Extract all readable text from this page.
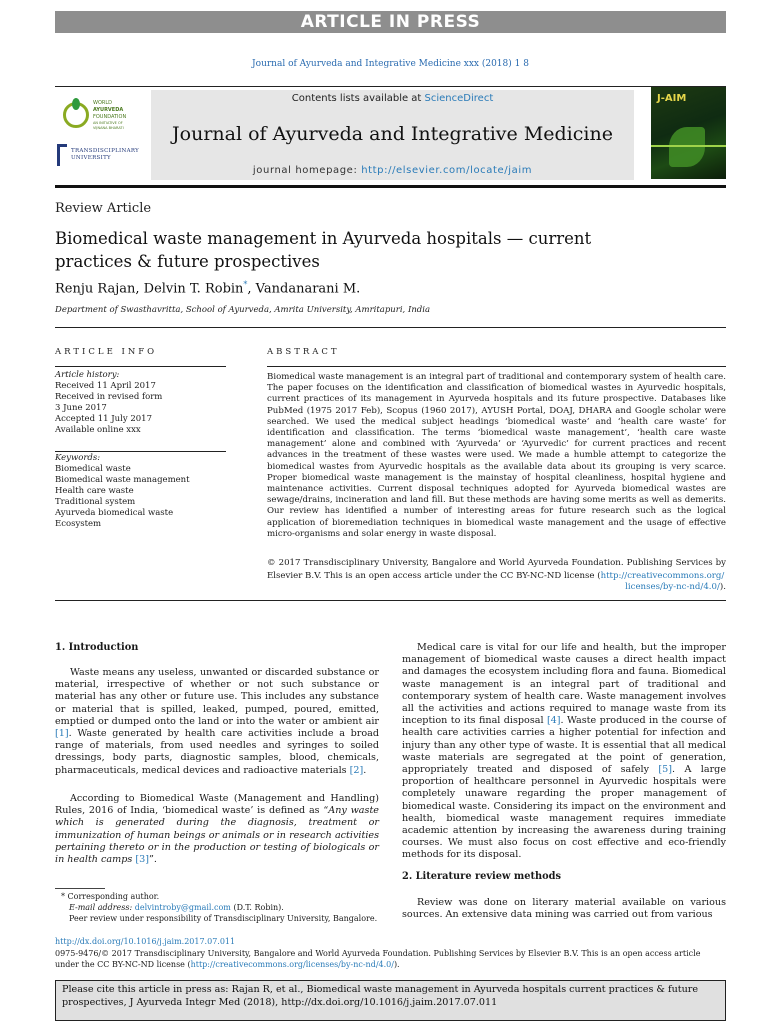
ARTICLE IN PRESS
Journal of Ayurveda and Integrative Medicine xxx (2018) 1 8
WORLD
AYURVEDA
FOUNDATION
AN INITIATIVE OF VIJNANA BHARATI
TRANSDISCIPLINARY
UNIVERSITY
Contents lists available at ScienceDirect
Journal of Ayurveda and Integrative Medicine
journal homepage: http://elsevier.com/locate/jaim
J-AIM
Review Article
Biomedical waste management in Ayurveda hospitals — current
practices & future prospectives
Renju Rajan, Delvin T. Robin*, Vandanarani M.
Department of Swasthavritta, School of Ayurveda, Amrita University, Amritapuri, India
ARTICLE INFO	ABSTRACT
Article history:
Received 11 April 2017
Received in revised form
3 June 2017
Accepted 11 July 2017
Available online xxx
Keywords:
Biomedical waste
Biomedical waste management
Health care waste
Traditional system
Ayurveda biomedical waste
Ecosystem
Biomedical waste management is an integral part of traditional and contemporary system of health care. The paper focuses on the identification and classification of biomedical wastes in Ayurvedic hospitals, current practices of its management in Ayurveda hospitals and its future prospective. Databases like PubMed (1975 2017 Feb), Scopus (1960 2017), AYUSH Portal, DOAJ, DHARA and Google scholar were searched. We used the medical subject headings ‘biomedical waste’ and ‘health care waste’ for identification and classification. The terms ‘biomedical waste management’, ‘health care waste management’ alone and combined with ‘Ayurveda’ or ‘Ayurvedic’ for current practices and recent advances in the treatment of these wastes were used. We made a humble attempt to categorize the biomedical wastes from Ayurvedic hospitals as the available data about its grouping is very scarce. Proper biomedical waste management is the mainstay of hospital cleanliness, hospital hygiene and maintenance activities. Current disposal techniques adopted for Ayurveda biomedical wastes are sewage/drains, incineration and land fill. But these methods are having some merits as well as demerits. Our review has identified a number of interesting areas for future research such as the logical application of bioremediation techniques in biomedical waste management and the usage of effective micro-organisms and solar energy in waste disposal.
© 2017 Transdisciplinary University, Bangalore and World Ayurveda Foundation. Publishing Services by Elsevier B.V. This is an open access article under the CC BY-NC-ND license (http://creativecommons.org/
licenses/by-nc-nd/4.0/).
1. Introduction
Waste means any useless, unwanted or discarded substance or material, irrespective of whether or not such substance or material has any other or future use. This includes any substance or material that is spilled, leaked, pumped, poured, emitted, emptied or dumped onto the land or into the water or ambient air [1]. Waste generated by health care activities include a broad range of materials, from used needles and syringes to soiled dressings, body parts, diagnostic samples, blood, chemicals, pharmaceuticals, medical devices and radioactive materials [2].
According to Biomedical Waste (Management and Handling) Rules, 2016 of India, ‘biomedical waste’ is defined as “Any waste which is generated during the diagnosis, treatment or immunization of human beings or animals or in research activities pertaining thereto or in the production or testing of biologicals or in health camps [3]”.
Medical care is vital for our life and health, but the improper management of biomedical waste causes a direct health impact and damages the ecosystem including flora and fauna. Biomedical waste management is an integral part of traditional and contemporary system of health care. Waste management involves all the activities and actions required to manage waste from its inception to its final disposal [4]. Waste produced in the course of health care activities carries a higher potential for infection and injury than any other type of waste. It is essential that all medical waste materials are segregated at the point of generation, appropriately treated and disposed of safely [5]. A large proportion of healthcare personnel in Ayurvedic hospitals were completely unaware regarding the proper management of biomedical waste. Considering its impact on the environment and health, biomedical waste management requires immediate academic attention by increasing the awareness during training courses. We must also focus on cost effective and eco-friendly methods for its disposal.
2. Literature review methods
Review was done on literary material available on various sources. An extensive data mining was carried out from various
* Corresponding author.
E-mail address: delvintroby@gmail.com (D.T. Robin).
Peer review under responsibility of Transdisciplinary University, Bangalore.
http://dx.doi.org/10.1016/j.jaim.2017.07.011
0975-9476/© 2017 Transdisciplinary University, Bangalore and World Ayurveda Foundation. Publishing Services by Elsevier B.V. This is an open access article under the CC BY-NC-ND license (http://creativecommons.org/licenses/by-nc-nd/4.0/).
Please cite this article in press as: Rajan R, et al., Biomedical waste management in Ayurveda hospitals current practices & future prospectives, J Ayurveda Integr Med (2018), http://dx.doi.org/10.1016/j.jaim.2017.07.011
